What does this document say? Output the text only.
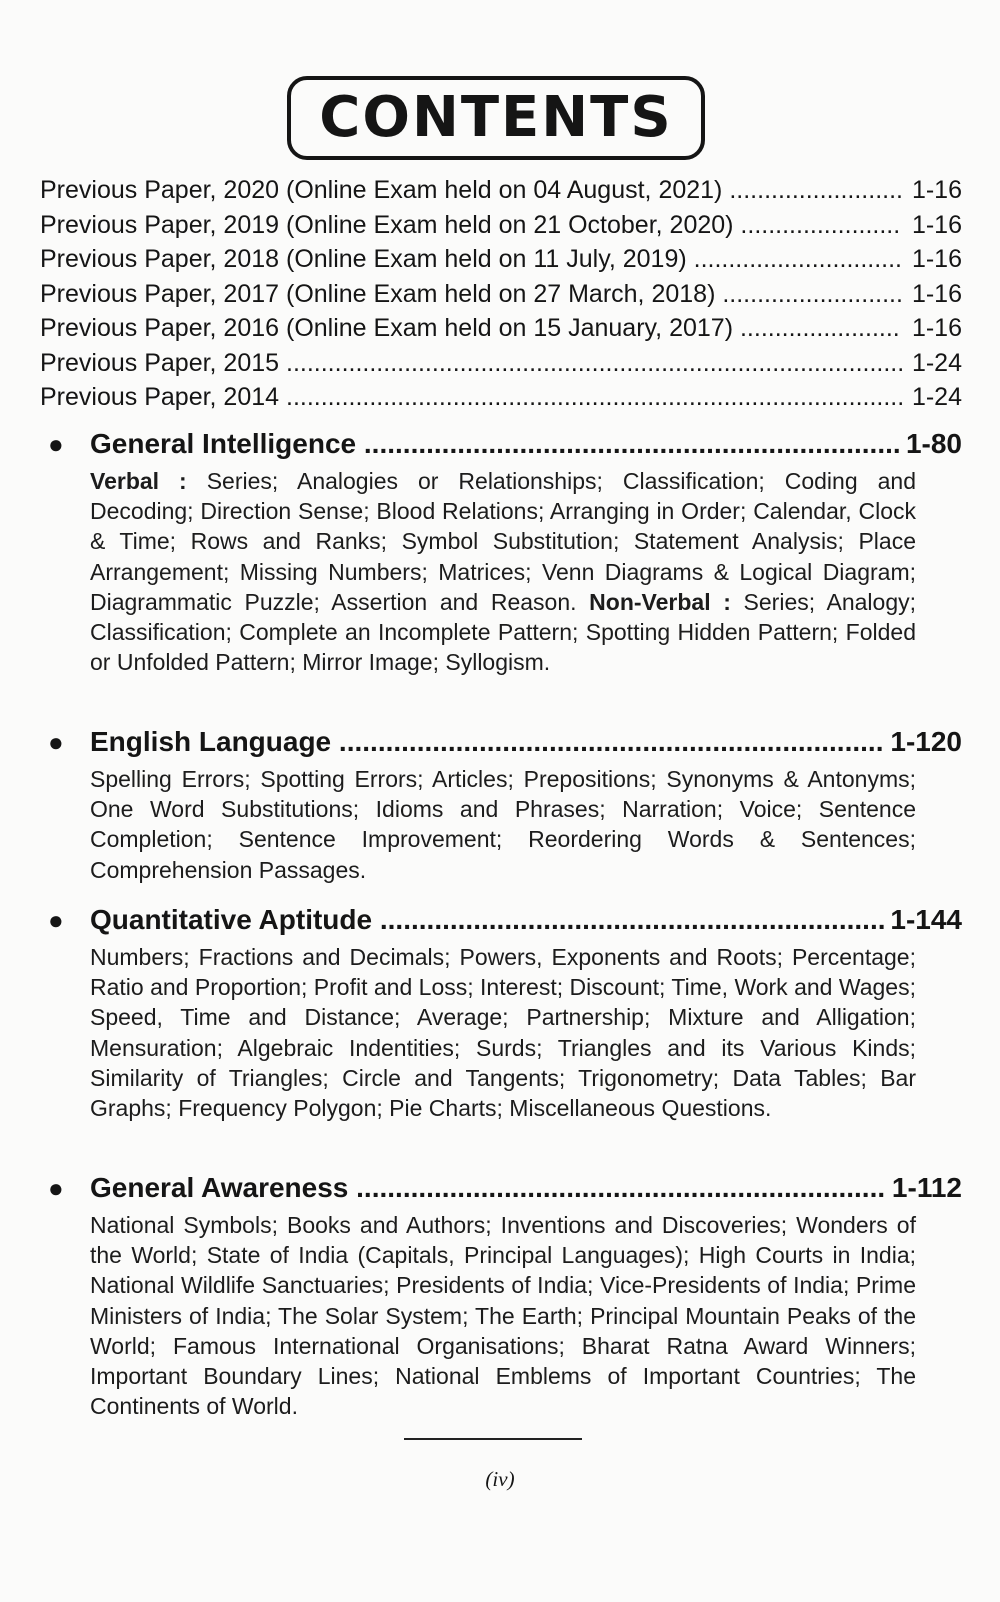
CONTENTS
Previous Paper, 2020 (Online Exam held on 04 August, 2021) .....	1-16
Previous Paper, 2019 (Online Exam held on 21 October, 2020) .....	1-16
Previous Paper, 2018 (Online Exam held on 11 July, 2019) .....	1-16
Previous Paper, 2017 (Online Exam held on 27 March, 2018) .....	1-16
Previous Paper, 2016 (Online Exam held on 15 January, 2017) .....	1-16
Previous Paper, 2015 .....	1-24
Previous Paper, 2014 .....	1-24
● General Intelligence .....	1-80
Verbal : Series; Analogies or Relationships; Classification; Coding and Decoding; Direction Sense; Blood Relations; Arranging in Order; Calendar, Clock & Time; Rows and Ranks; Symbol Substitution; Statement Analysis; Place Arrangement; Missing Numbers; Matrices; Venn Diagrams & Logical Diagram; Diagrammatic Puzzle; Assertion and Reason. Non-Verbal : Series; Analogy; Classification; Complete an Incomplete Pattern; Spotting Hidden Pattern; Folded or Unfolded Pattern; Mirror Image; Syllogism.
● English Language .....	1-120
Spelling Errors; Spotting Errors; Articles; Prepositions; Synonyms & Antonyms; One Word Substitutions; Idioms and Phrases; Narration; Voice; Sentence Completion; Sentence Improvement; Reordering Words & Sentences; Comprehension Passages.
● Quantitative Aptitude .....	1-144
Numbers; Fractions and Decimals; Powers, Exponents and Roots; Percentage; Ratio and Proportion; Profit and Loss; Interest; Discount; Time, Work and Wages; Speed, Time and Distance; Average; Partnership; Mixture and Alligation; Mensuration; Algebraic Indentities; Surds; Triangles and its Various Kinds; Similarity of Triangles; Circle and Tangents; Trigonometry; Data Tables; Bar Graphs; Frequency Polygon; Pie Charts; Miscellaneous Questions.
● General Awareness .....	1-112
National Symbols; Books and Authors; Inventions and Discoveries; Wonders of the World; State of India (Capitals, Principal Languages); High Courts in India; National Wildlife Sanctuaries; Presidents of India; Vice-Presidents of India; Prime Ministers of India; The Solar System; The Earth; Principal Mountain Peaks of the World; Famous International Organisations; Bharat Ratna Award Winners; Important Boundary Lines; National Emblems of Important Countries; The Continents of World.
(iv)
